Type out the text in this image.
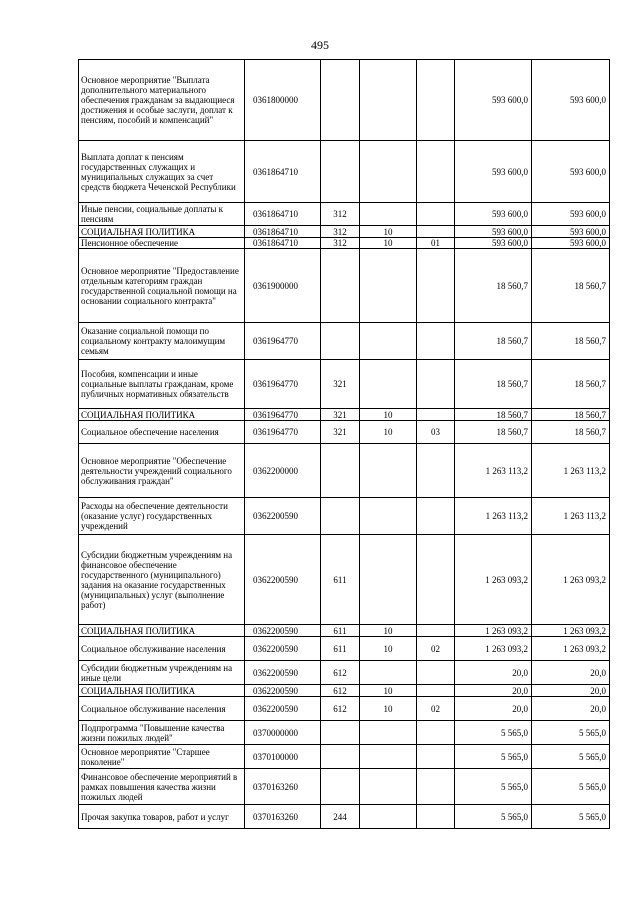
495
Основное мероприятие "Выплата дополнительного материального обеспечения гражданам за выдающиеся достижения и особые заслуги, доплат к пенсиям, пособий и компенсаций"	0361800000				593 600,0	593 600,0
Выплата доплат к пенсиям государственных служащих и муниципальных служащих за счет средств бюджета Чеченской Республики	0361864710				593 600,0	593 600,0
Иные пенсии, социальные доплаты к пенсиям	0361864710	312			593 600,0	593 600,0
СОЦИАЛЬНАЯ ПОЛИТИКА	0361864710	312	10		593 600,0	593 600,0
Пенсионное обеспечение	0361864710	312	10	01	593 600,0	593 600,0
Основное мероприятие "Предоставление отдельным категориям граждан государственной социальной помощи на основании социального контракта"	0361900000				18 560,7	18 560,7
Оказание социальной помощи по социальному контракту малоимущим семьям	0361964770				18 560,7	18 560,7
Пособия, компенсации и иные социальные выплаты гражданам, кроме публичных нормативных обязательств	0361964770	321			18 560,7	18 560,7
СОЦИАЛЬНАЯ ПОЛИТИКА	0361964770	321	10		18 560,7	18 560,7
Социальное обеспечение населения	0361964770	321	10	03	18 560,7	18 560,7
Основное мероприятие "Обеспечение деятельности учреждений социального обслуживания граждан"	0362200000				1 263 113,2	1 263 113,2
Расходы на обеспечение деятельности (оказание услуг) государственных учреждений	0362200590				1 263 113,2	1 263 113,2
Субсидии бюджетным учреждениям на финансовое обеспечение государственного (муниципального) задания на оказание государственных (муниципальных) услуг (выполнение работ)	0362200590	611			1 263 093,2	1 263 093,2
СОЦИАЛЬНАЯ ПОЛИТИКА	0362200590	611	10		1 263 093,2	1 263 093,2
Социальное обслуживание населения	0362200590	611	10	02	1 263 093,2	1 263 093,2
Субсидии бюджетным учреждениям на иные цели	0362200590	612			20,0	20,0
СОЦИАЛЬНАЯ ПОЛИТИКА	0362200590	612	10		20,0	20,0
Социальное обслуживание населения	0362200590	612	10	02	20,0	20,0
Подпрограмма "Повышение качества жизни пожилых людей"	0370000000				5 565,0	5 565,0
Основное мероприятие "Старшее поколение"	0370100000				5 565,0	5 565,0
Финансовое обеспечение мероприятий в рамках повышения качества жизни пожилых людей	0370163260				5 565,0	5 565,0
Прочая закупка товаров, работ и услуг	0370163260	244			5 565,0	5 565,0
